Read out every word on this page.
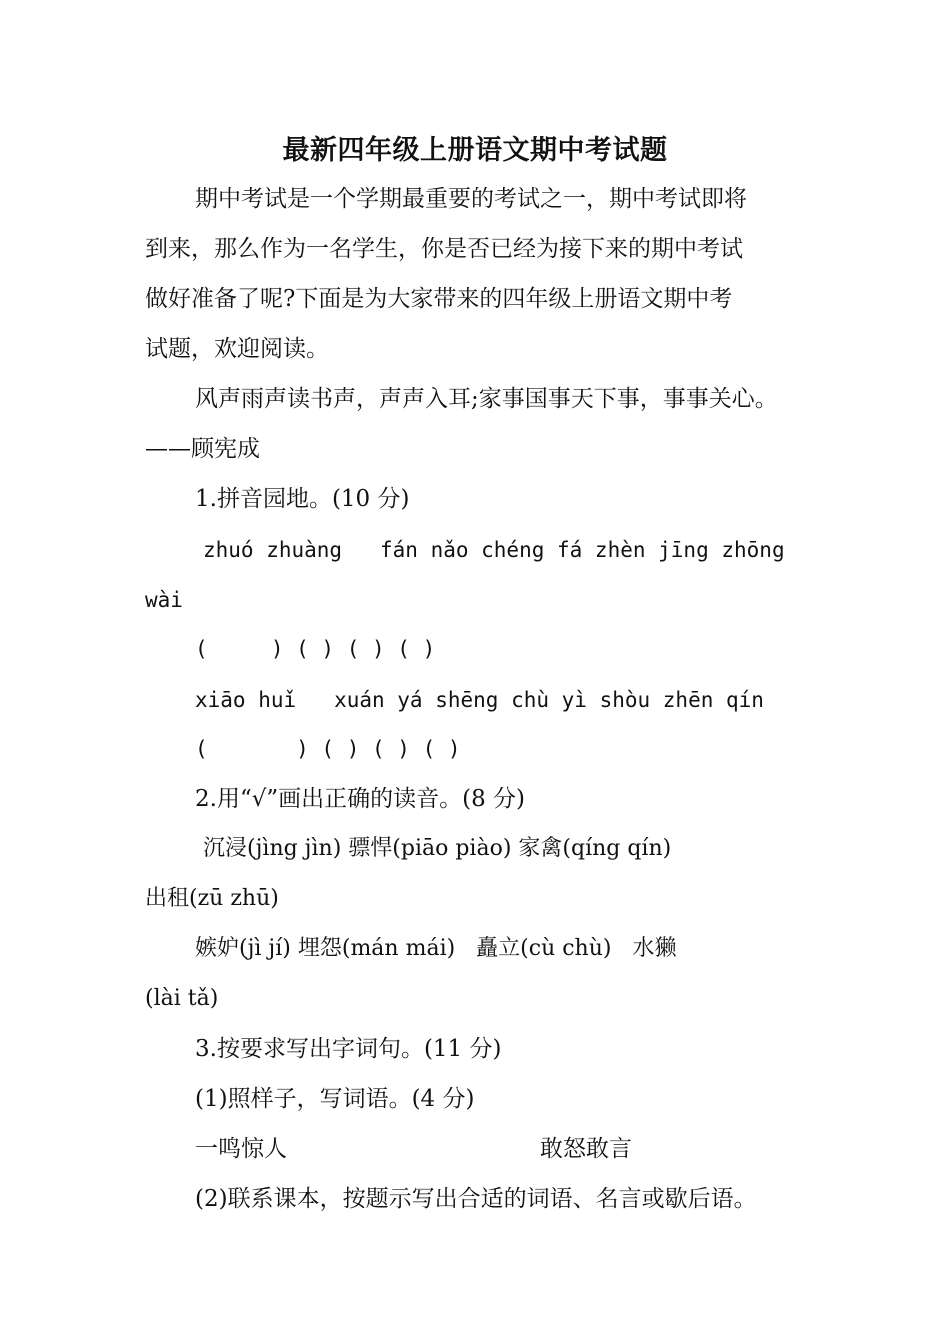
最新四年级上册语文期中考试题
期中考试是一个学期最重要的考试之一，期中考试即将
到来，那么作为一名学生，你是否已经为接下来的期中考试
做好准备了呢?下面是为大家带来的四年级上册语文期中考
试题，欢迎阅读。
风声雨声读书声，声声入耳;家事国事天下事，事事关心。
——顾宪成
1.拼音园地。(10 分)
zhuó zhuàng   fán nǎo chéng fá zhèn jīng zhōng
wài
(     ) ( ) ( ) ( )
xiāo huǐ   xuán yá shēng chù yì shòu zhēn qín
(       ) ( ) ( ) ( )
2.用“√”画出正确的读音。(8 分)
沉浸(jìng jìn) 骠悍(piāo piào) 家禽(qíng qín)
出租(zū zhū)
嫉妒(jì jí) 埋怨(mán mái)   矗立(cù chù)   水獭
(lài tǎ)
3.按要求写出字词句。(11 分)
(1)照样子，写词语。(4 分)
一鸣惊人	敢怒敢言
(2)联系课本，按题示写出合适的词语、名言或歇后语。
